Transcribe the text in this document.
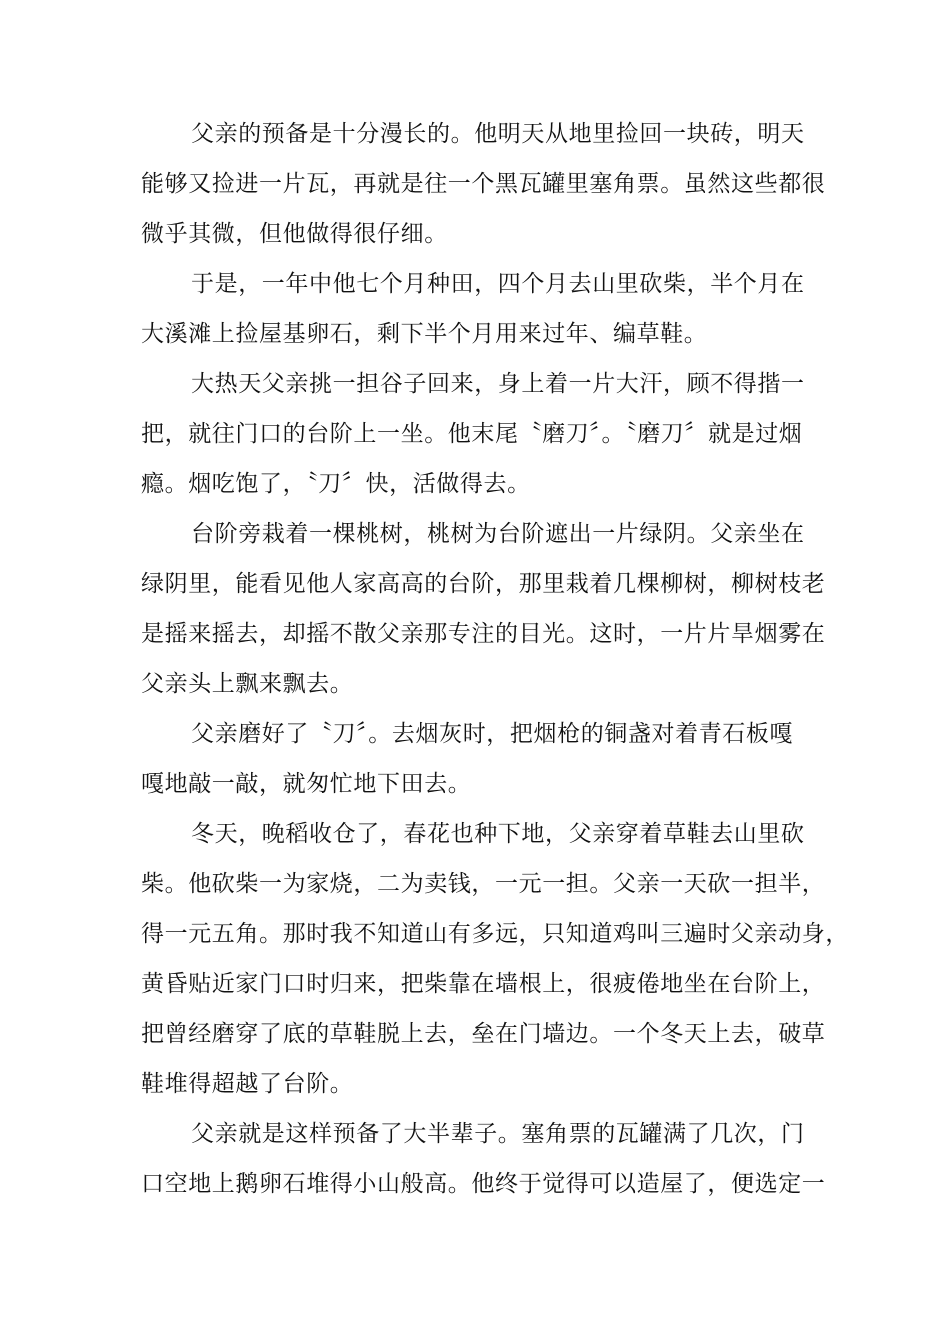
父亲的预备是十分漫长的。他明天从地里捡回一块砖，明天
能够又捡进一片瓦，再就是往一个黑瓦罐里塞角票。虽然这些都很
微乎其微，但他做得很仔细。
于是，一年中他七个月种田，四个月去山里砍柴，半个月在
大溪滩上捡屋基卵石，剩下半个月用来过年、编草鞋。
大热天父亲挑一担谷子回来，身上着一片大汗，顾不得揩一
把，就往门口的台阶上一坐。他末尾〝磨刀〞。〝磨刀〞就是过烟
瘾。烟吃饱了，〝刀〞快，活做得去。
台阶旁栽着一棵桃树，桃树为台阶遮出一片绿阴。父亲坐在
绿阴里，能看见他人家高高的台阶，那里栽着几棵柳树，柳树枝老
是摇来摇去，却摇不散父亲那专注的目光。这时，一片片旱烟雾在
父亲头上飘来飘去。
父亲磨好了〝刀〞。去烟灰时，把烟枪的铜盏对着青石板嘎
嘎地敲一敲，就匆忙地下田去。
冬天，晚稻收仓了，春花也种下地，父亲穿着草鞋去山里砍
柴。他砍柴一为家烧，二为卖钱，一元一担。父亲一天砍一担半，
得一元五角。那时我不知道山有多远，只知道鸡叫三遍时父亲动身，
黄昏贴近家门口时归来，把柴靠在墙根上，很疲倦地坐在台阶上，
把曾经磨穿了底的草鞋脱上去，垒在门墙边。一个冬天上去，破草
鞋堆得超越了台阶。
父亲就是这样预备了大半辈子。塞角票的瓦罐满了几次，门
口空地上鹅卵石堆得小山般高。他终于觉得可以造屋了，便选定一
